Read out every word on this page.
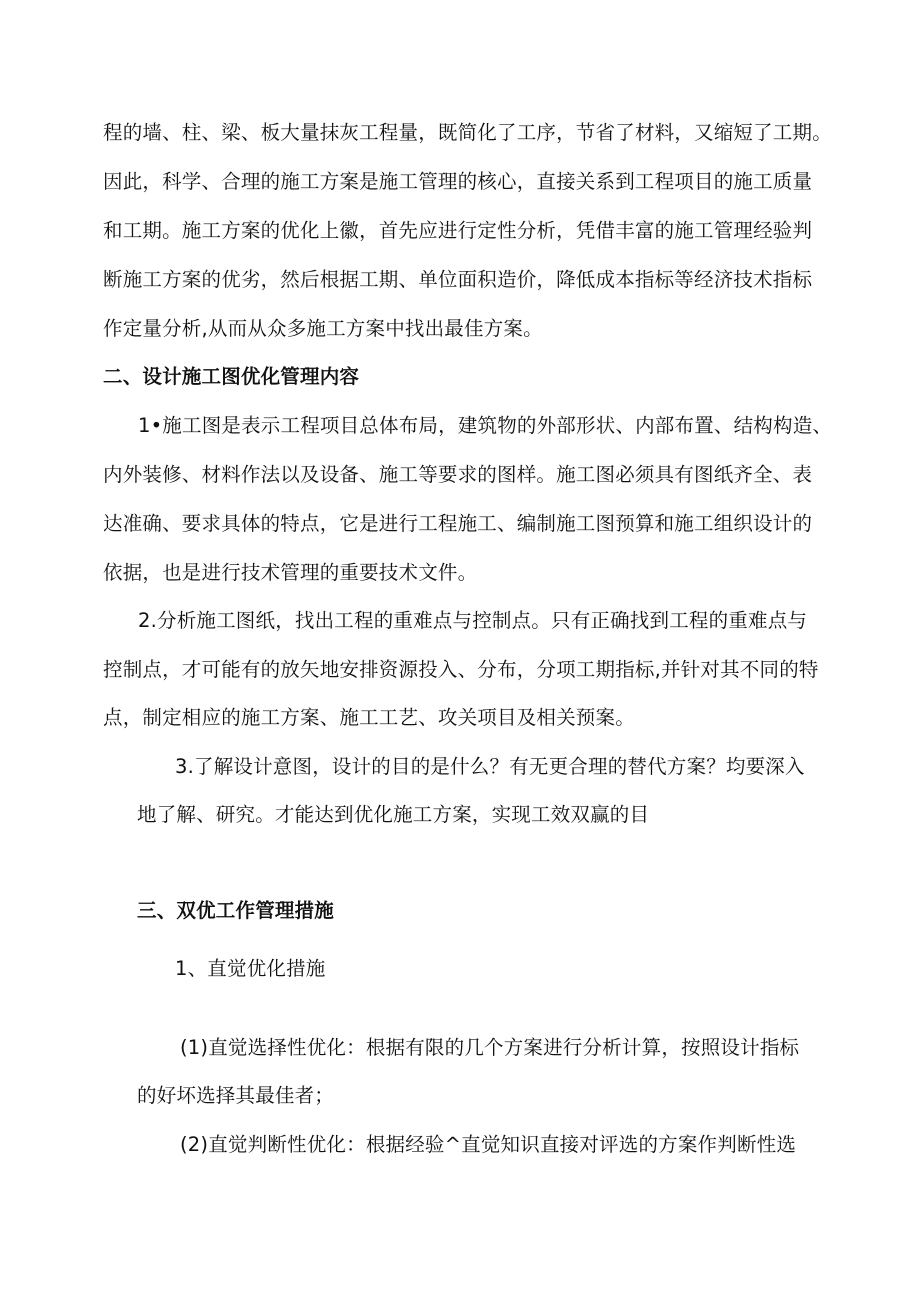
程的墙、柱、梁、板大量抹灰工程量，既简化了工序，节省了材料，又缩短了工期。
因此，科学、合理的施工方案是施工管理的核心，直接关系到工程项目的施工质量
和工期。施工方案的优化上徽，首先应进行定性分析，凭借丰富的施工管理经验判
断施工方案的优劣，然后根据工期、单位面积造价，降低成本指标等经济技术指标
作定量分析,从而从众多施工方案中找出最佳方案。
二、设计施工图优化管理内容
1•施工图是表示工程项目总体布局，建筑物的外部形状、内部布置、结构构造、
内外装修、材料作法以及设备、施工等要求的图样。施工图必须具有图纸齐全、表
达准确、要求具体的特点，它是进行工程施工、编制施工图预算和施工组织设计的
依据，也是进行技术管理的重要技术文件。
2.分析施工图纸，找出工程的重难点与控制点。只有正确找到工程的重难点与
控制点，才可能有的放矢地安排资源投入、分布，分项工期指标,并针对其不同的特
点，制定相应的施工方案、施工工艺、攻关项目及相关预案。
3.了解设计意图，设计的目的是什么？有无更合理的替代方案？均要深入
地了解、研究。才能达到优化施工方案，实现工效双赢的目
三、双优工作管理措施
1、直觉优化措施
(1)直觉选择性优化：根据有限的几个方案进行分析计算，按照设计指标
的好坏选择其最佳者；
(2)直觉判断性优化：根据经验^直觉知识直接对评选的方案作判断性选
